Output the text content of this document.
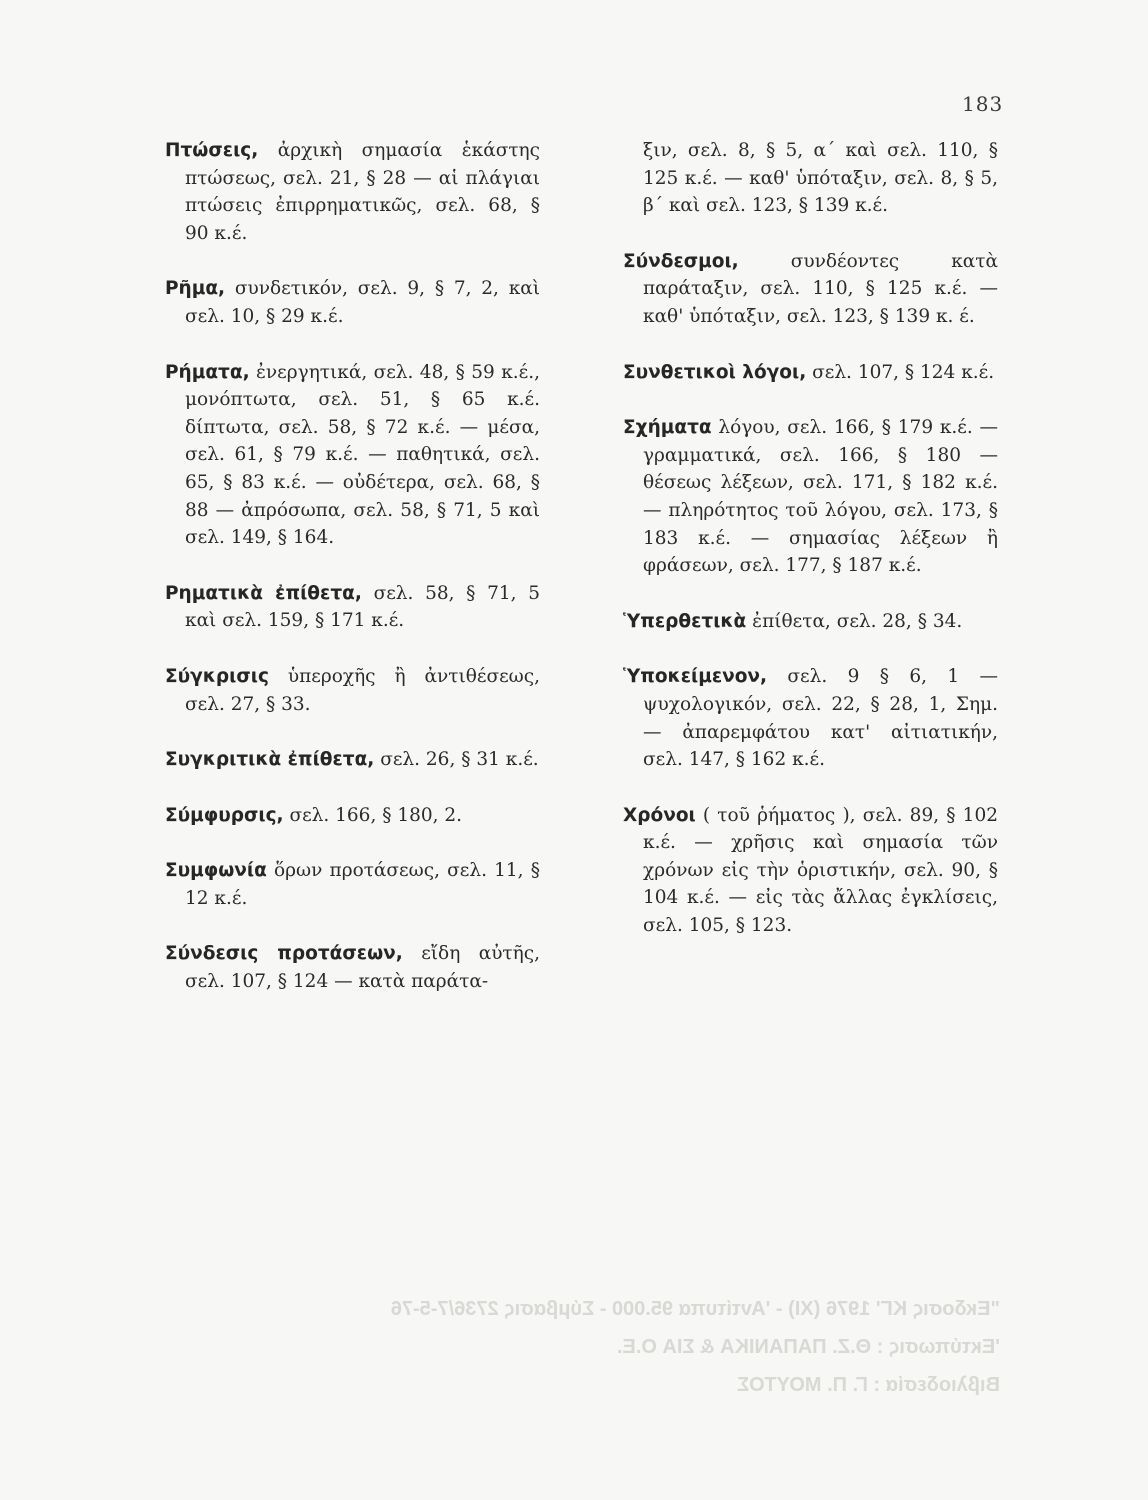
183

Πτώσεις, ἀρχικὴ σημασία ἑκάστης πτώσεως, σελ. 21, § 28 — αἱ πλάγιαι πτώσεις ἐπιρρηματικῶς, σελ. 68, § 90 κ.έ.

Ρῆμα, συνδετικόν, σελ. 9, § 7, 2, καὶ σελ. 10, § 29 κ.έ.

Ρήματα, ἐνεργητικά, σελ. 48, § 59 κ.έ., μονόπτωτα, σελ. 51, § 65 κ.έ. δίπτωτα, σελ. 58, § 72 κ.έ. — μέσα, σελ. 61, § 79 κ.έ. — παθητικά, σελ. 65, § 83 κ.έ. — οὐδέτερα, σελ. 68, § 88 — ἀπρόσωπα, σελ. 58, § 71, 5 καὶ σελ. 149, § 164.

Ρηματικὰ ἐπίθετα, σελ. 58, § 71, 5 καὶ σελ. 159, § 171 κ.έ.

Σύγκρισις ὑπεροχῆς ἢ ἀντιθέσεως, σελ. 27, § 33.

Συγκριτικὰ ἐπίθετα, σελ. 26, § 31 κ.έ.

Σύμφυρσις, σελ. 166, § 180, 2.

Συμφωνία ὅρων προτάσεως, σελ. 11, § 12 κ.έ.

Σύνδεσις προτάσεων, εἴδη αὐτῆς, σελ. 107, § 124 — κατὰ παράτα-

ξιν, σελ. 8, § 5, α΄ καὶ σελ. 110, § 125 κ.έ. — καθ' ὑπόταξιν, σελ. 8, § 5, β΄ καὶ σελ. 123, § 139 κ.έ.

Σύνδεσμοι, συνδέοντες κατὰ παράταξιν, σελ. 110, § 125 κ.έ. — καθ' ὑπόταξιν, σελ. 123, § 139 κ. έ.

Συνθετικοὶ λόγοι, σελ. 107, § 124 κ.έ.

Σχήματα λόγου, σελ. 166, § 179 κ.έ. — γραμματικά, σελ. 166, § 180 — θέσεως λέξεων, σελ. 171, § 182 κ.έ. — πληρότητος τοῦ λόγου, σελ. 173, § 183 κ.έ. — σημασίας λέξεων ἢ φράσεων, σελ. 177, § 187 κ.έ.

Ὑπερθετικὰ ἐπίθετα, σελ. 28, § 34.

Ὑποκείμενον, σελ. 9 § 6, 1 — ψυχολογικόν, σελ. 22, § 28, 1, Σημ. — ἀπαρεμφάτου κατ' αἰτιατικήν, σελ. 147, § 162 κ.έ.

Χρόνοι ( τοῦ ῥήματος ), σελ. 89, § 102 κ.έ. — χρῆσις καὶ σημασία τῶν χρόνων εἰς τὴν ὁριστικήν, σελ. 90, § 104 κ.έ. — εἰς τὰς ἄλλας ἐγκλίσεις, σελ. 105, § 123.

"Εκδοσις ΚΓ' 1976 (ΧΙ) - 'Αντίτυπα 95.000 - Σύμβασις 2736/7-5-76
'Εκτύπωσις : Θ.Ζ. ΠΑΠΑΝΙΚΑ & ΣΙΑ Ο.Ε.
Βιβλιοδεσία : Γ. Π. ΜΟΥΤΟΣ
